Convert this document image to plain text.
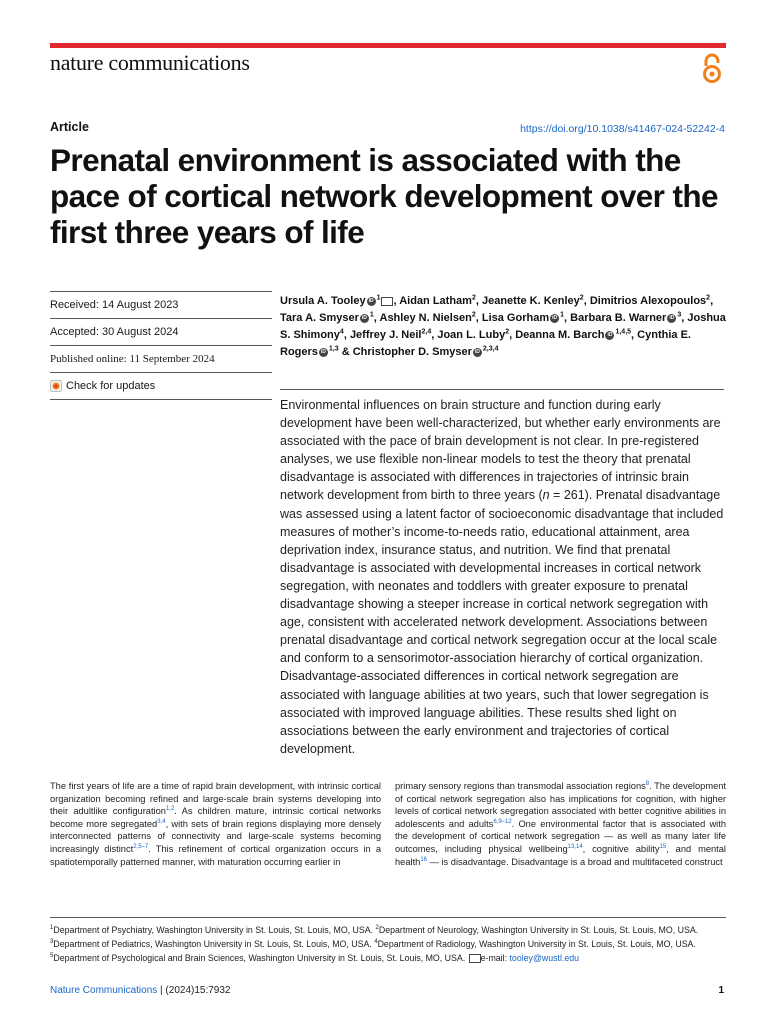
nature communications
Article	https://doi.org/10.1038/s41467-024-52242-4
Prenatal environment is associated with the pace of cortical network development over the first three years of life
Received: 14 August 2023
Accepted: 30 August 2024
Published online: 11 September 2024
Check for updates
Ursula A. Tooley iD $^1$ , Aidan Latham$^2$, Jeanette K. Kenley$^2$, Dimitrios Alexopoulos$^2$, Tara A. Smyser iD $^1$, Ashley N. Nielsen$^2$, Lisa Gorham iD $^1$, Barbara B. Warner iD $^3$, Joshua S. Shimony$^4$, Jeffrey J. Neil$^{2,4}$, Joan L. Luby$^2$, Deanna M. Barch iD $^{1,4,5}$, Cynthia E. Rogers iD $^{1,3}$ & Christopher D. Smyser iD $^{2,3,4}$

Environmental influences on brain structure and function during early development have been well-characterized, but whether early environments are associated with the pace of brain development is not clear. In pre-registered analyses, we use flexible non-linear models to test the theory that prenatal disadvantage is associated with differences in trajectories of intrinsic brain network development from birth to three years (n = 261). Prenatal disadvantage was assessed using a latent factor of socioeconomic disadvantage that included measures of mother’s income-to-needs ratio, educational attainment, area deprivation index, insurance status, and nutrition. We find that prenatal disadvantage is associated with developmental increases in cortical network segregation, with neonates and toddlers with greater exposure to prenatal disadvantage showing a steeper increase in cortical network segregation with age, consistent with accelerated network development. Associations between prenatal disadvantage and cortical network segregation occur at the local scale and conform to a sensorimotor-association hierarchy of cortical organization. Disadvantage-associated differences in cortical network segregation are associated with language abilities at two years, such that lower segregation is associated with improved language abilities. These results shed light on associations between the early environment and trajectories of cortical development.

The first years of life are a time of rapid brain development, with intrinsic cortical organization becoming refined and large-scale brain systems developing into their adultlike configuration$^{1,2}$. As children mature, intrinsic cortical networks become more segregated$^{3,4}$, with sets of brain regions displaying more densely interconnected patterns of connectivity and large-scale systems becoming increasingly distinct$^{2,5-7}$. This refinement of cortical organization occurs in a spatiotemporally patterned manner, with maturation occurring earlier in

primary sensory regions than transmodal association regions$^8$. The development of cortical network segregation also has implications for cognition, with higher levels of cortical network segregation associated with better cognitive abilities in adolescents and adults$^{6,9-12}$. One environmental factor that is associated with the development of cortical network segregation — as well as many later life outcomes, including physical wellbeing$^{13,14}$, cognitive ability$^{15}$, and mental health$^{16}$ — is disadvantage. Disadvantage is a broad and multifaceted construct

$^1$Department of Psychiatry, Washington University in St. Louis, St. Louis, MO, USA. $^2$Department of Neurology, Washington University in St. Louis, St. Louis, MO, USA. $^3$Department of Pediatrics, Washington University in St. Louis, St. Louis, MO, USA. $^4$Department of Radiology, Washington University in St. Louis, St. Louis, MO, USA. $^5$Department of Psychological and Brain Sciences, Washington University in St. Louis, St. Louis, MO, USA. e-mail: tooley@wustl.edu

Nature Communications | (2024)15:7932	1
